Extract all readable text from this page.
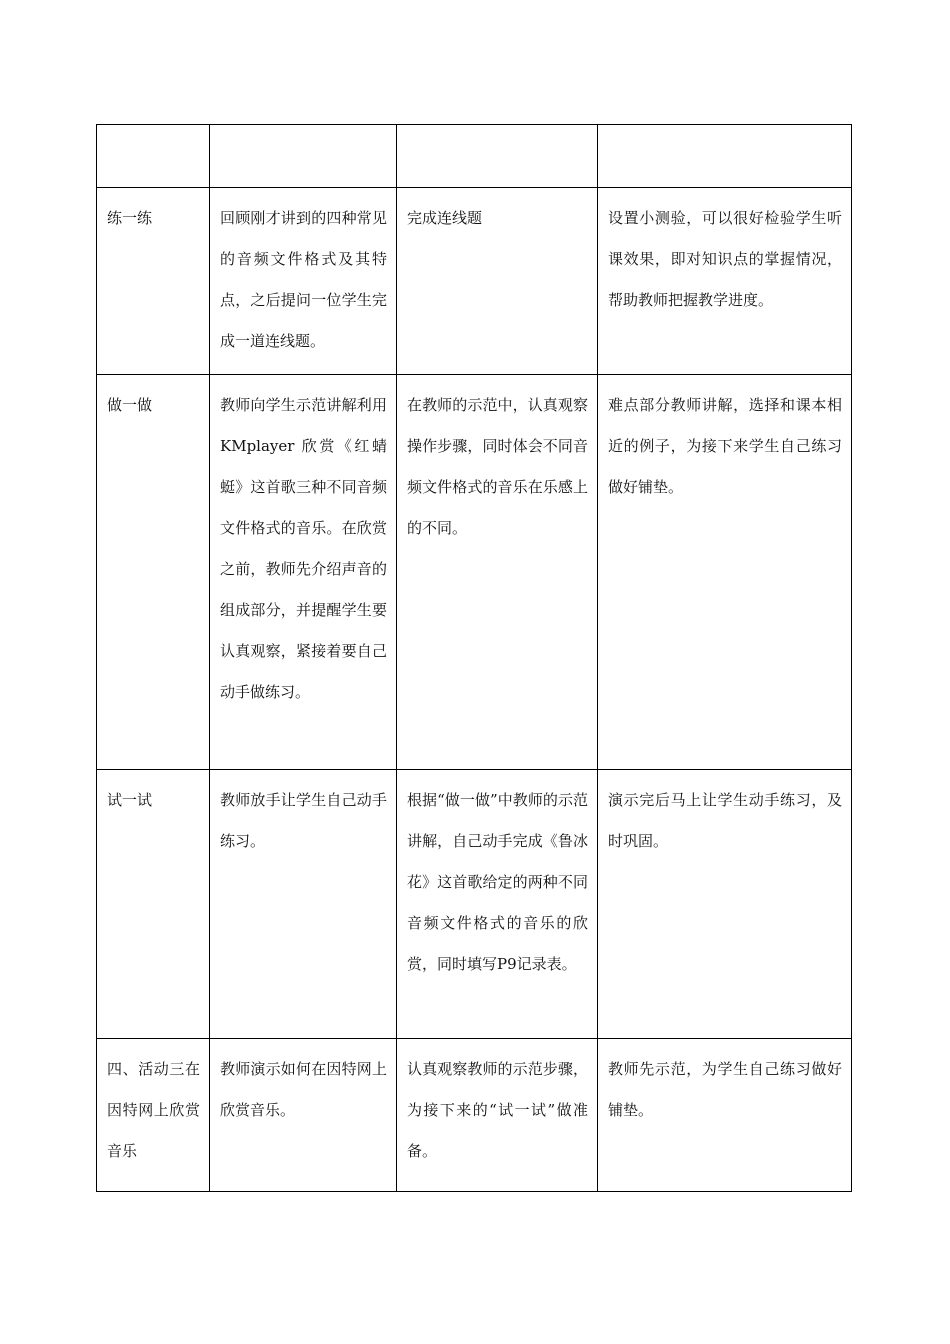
练一练	回顾刚才讲到的四种常见的音频文件格式及其特点，之后提问一位学生完成一道连线题。	完成连线题	设置小测验，可以很好检验学生听课效果，即对知识点的掌握情况，帮助教师把握教学进度。

做一做	教师向学生示范讲解利用 KMplayer 欣赏《红蜻蜓》这首歌三种不同音频文件格式的音乐。在欣赏之前，教师先介绍声音的组成部分，并提醒学生要认真观察，紧接着要自己动手做练习。	在教师的示范中，认真观察操作步骤，同时体会不同音频文件格式的音乐在乐感上的不同。	难点部分教师讲解，选择和课本相近的例子，为接下来学生自己练习做好铺垫。

试一试	教师放手让学生自己动手练习。	根据“做一做”中教师的示范讲解，自己动手完成《鲁冰花》这首歌给定的两种不同音频文件格式的音乐的欣赏，同时填写P9记录表。	演示完后马上让学生动手练习，及时巩固。

四、活动三在因特网上欣赏音乐	教师演示如何在因特网上欣赏音乐。	认真观察教师的示范步骤，为接下来的“试一试”做准备。	教师先示范，为学生自己练习做好铺垫。
